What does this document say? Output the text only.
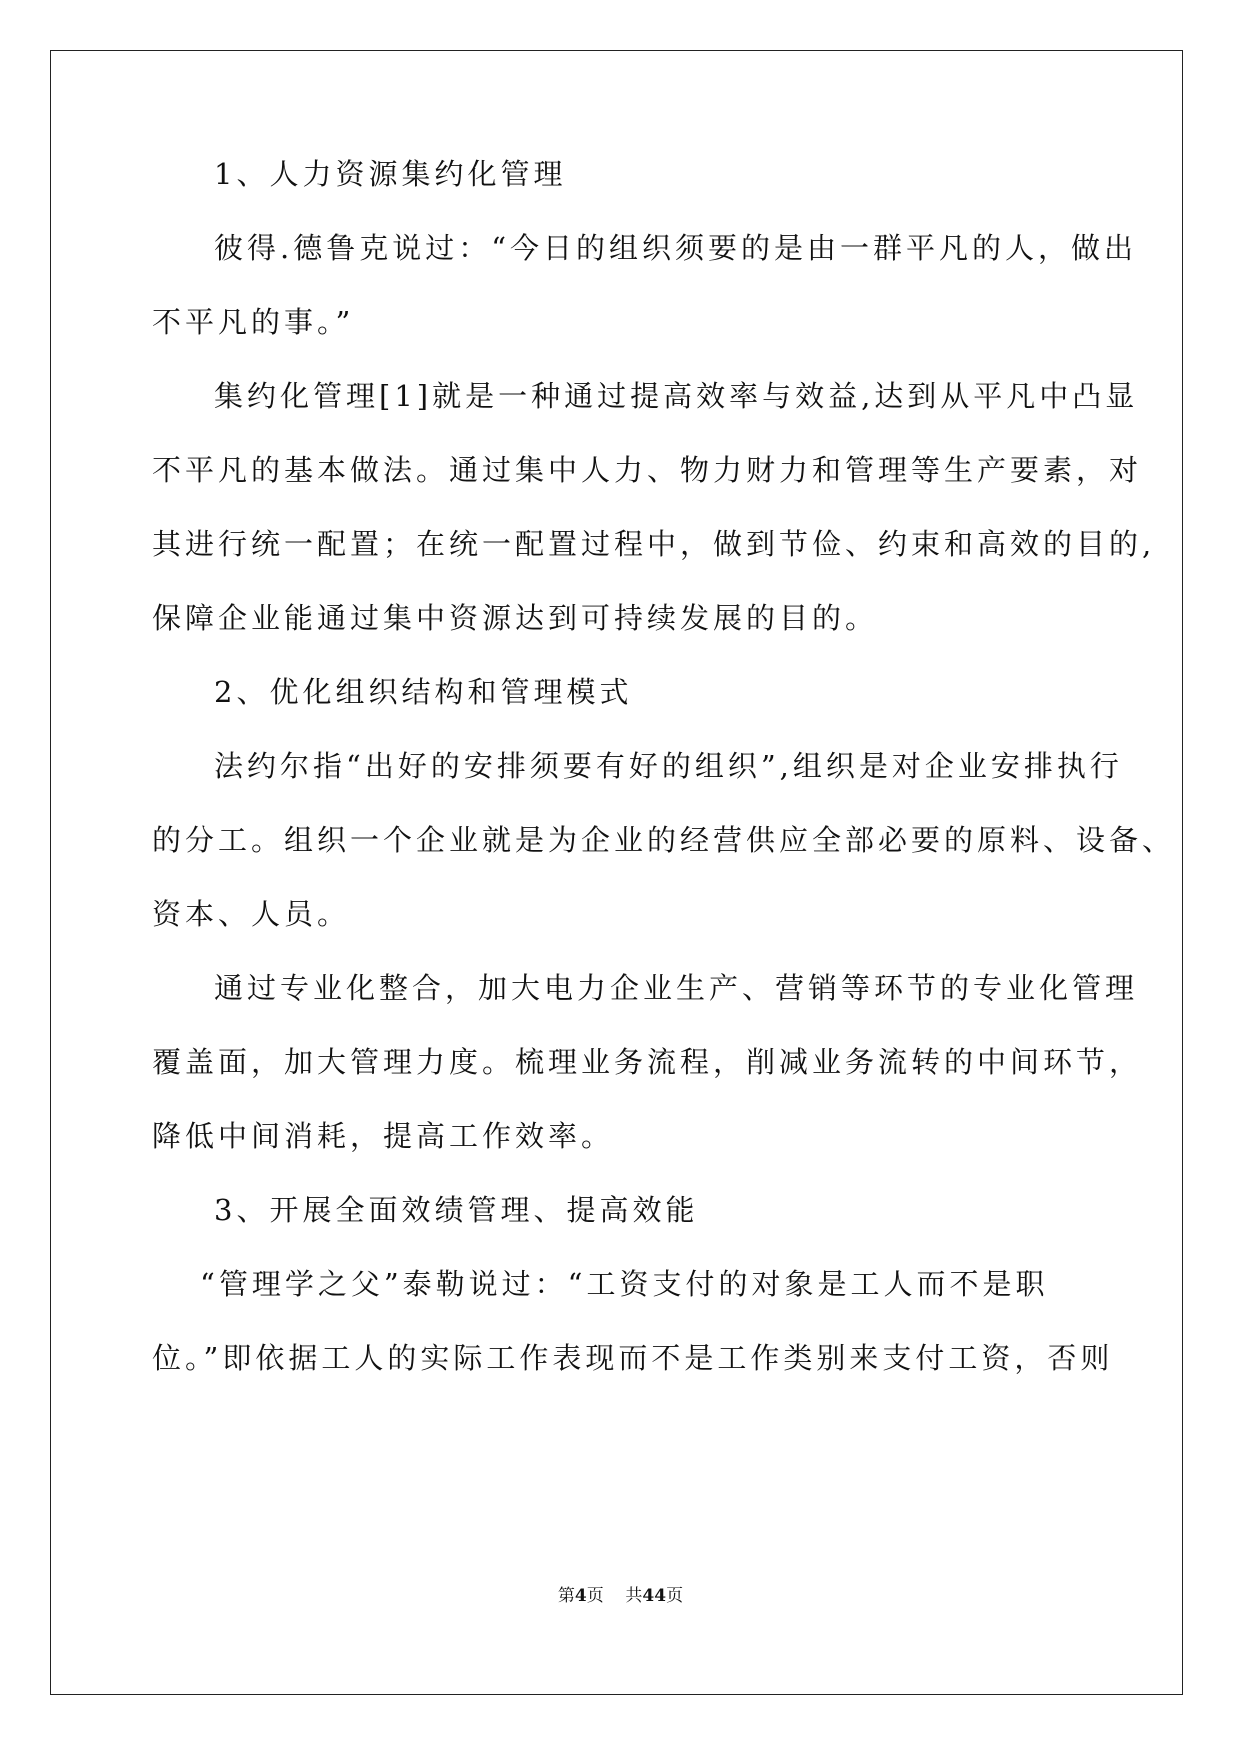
1、人力资源集约化管理
彼得.德鲁克说过：“今日的组织须要的是由一群平凡的人，做出
不平凡的事。”
集约化管理[1]就是一种通过提高效率与效益,达到从平凡中凸显
不平凡的基本做法。通过集中人力、物力财力和管理等生产要素，对
其进行统一配置；在统一配置过程中，做到节俭、约束和高效的目的,
保障企业能通过集中资源达到可持续发展的目的。
2、优化组织结构和管理模式
法约尔指“出好的安排须要有好的组织”,组织是对企业安排执行
的分工。组织一个企业就是为企业的经营供应全部必要的原料、设备、
资本、人员。
通过专业化整合，加大电力企业生产、营销等环节的专业化管理
覆盖面，加大管理力度。梳理业务流程，削减业务流转的中间环节，
降低中间消耗，提高工作效率。
3、开展全面效绩管理、提高效能
“管理学之父”泰勒说过：“工资支付的对象是工人而不是职
位。”即依据工人的实际工作表现而不是工作类别来支付工资，否则
第4页 共44页
